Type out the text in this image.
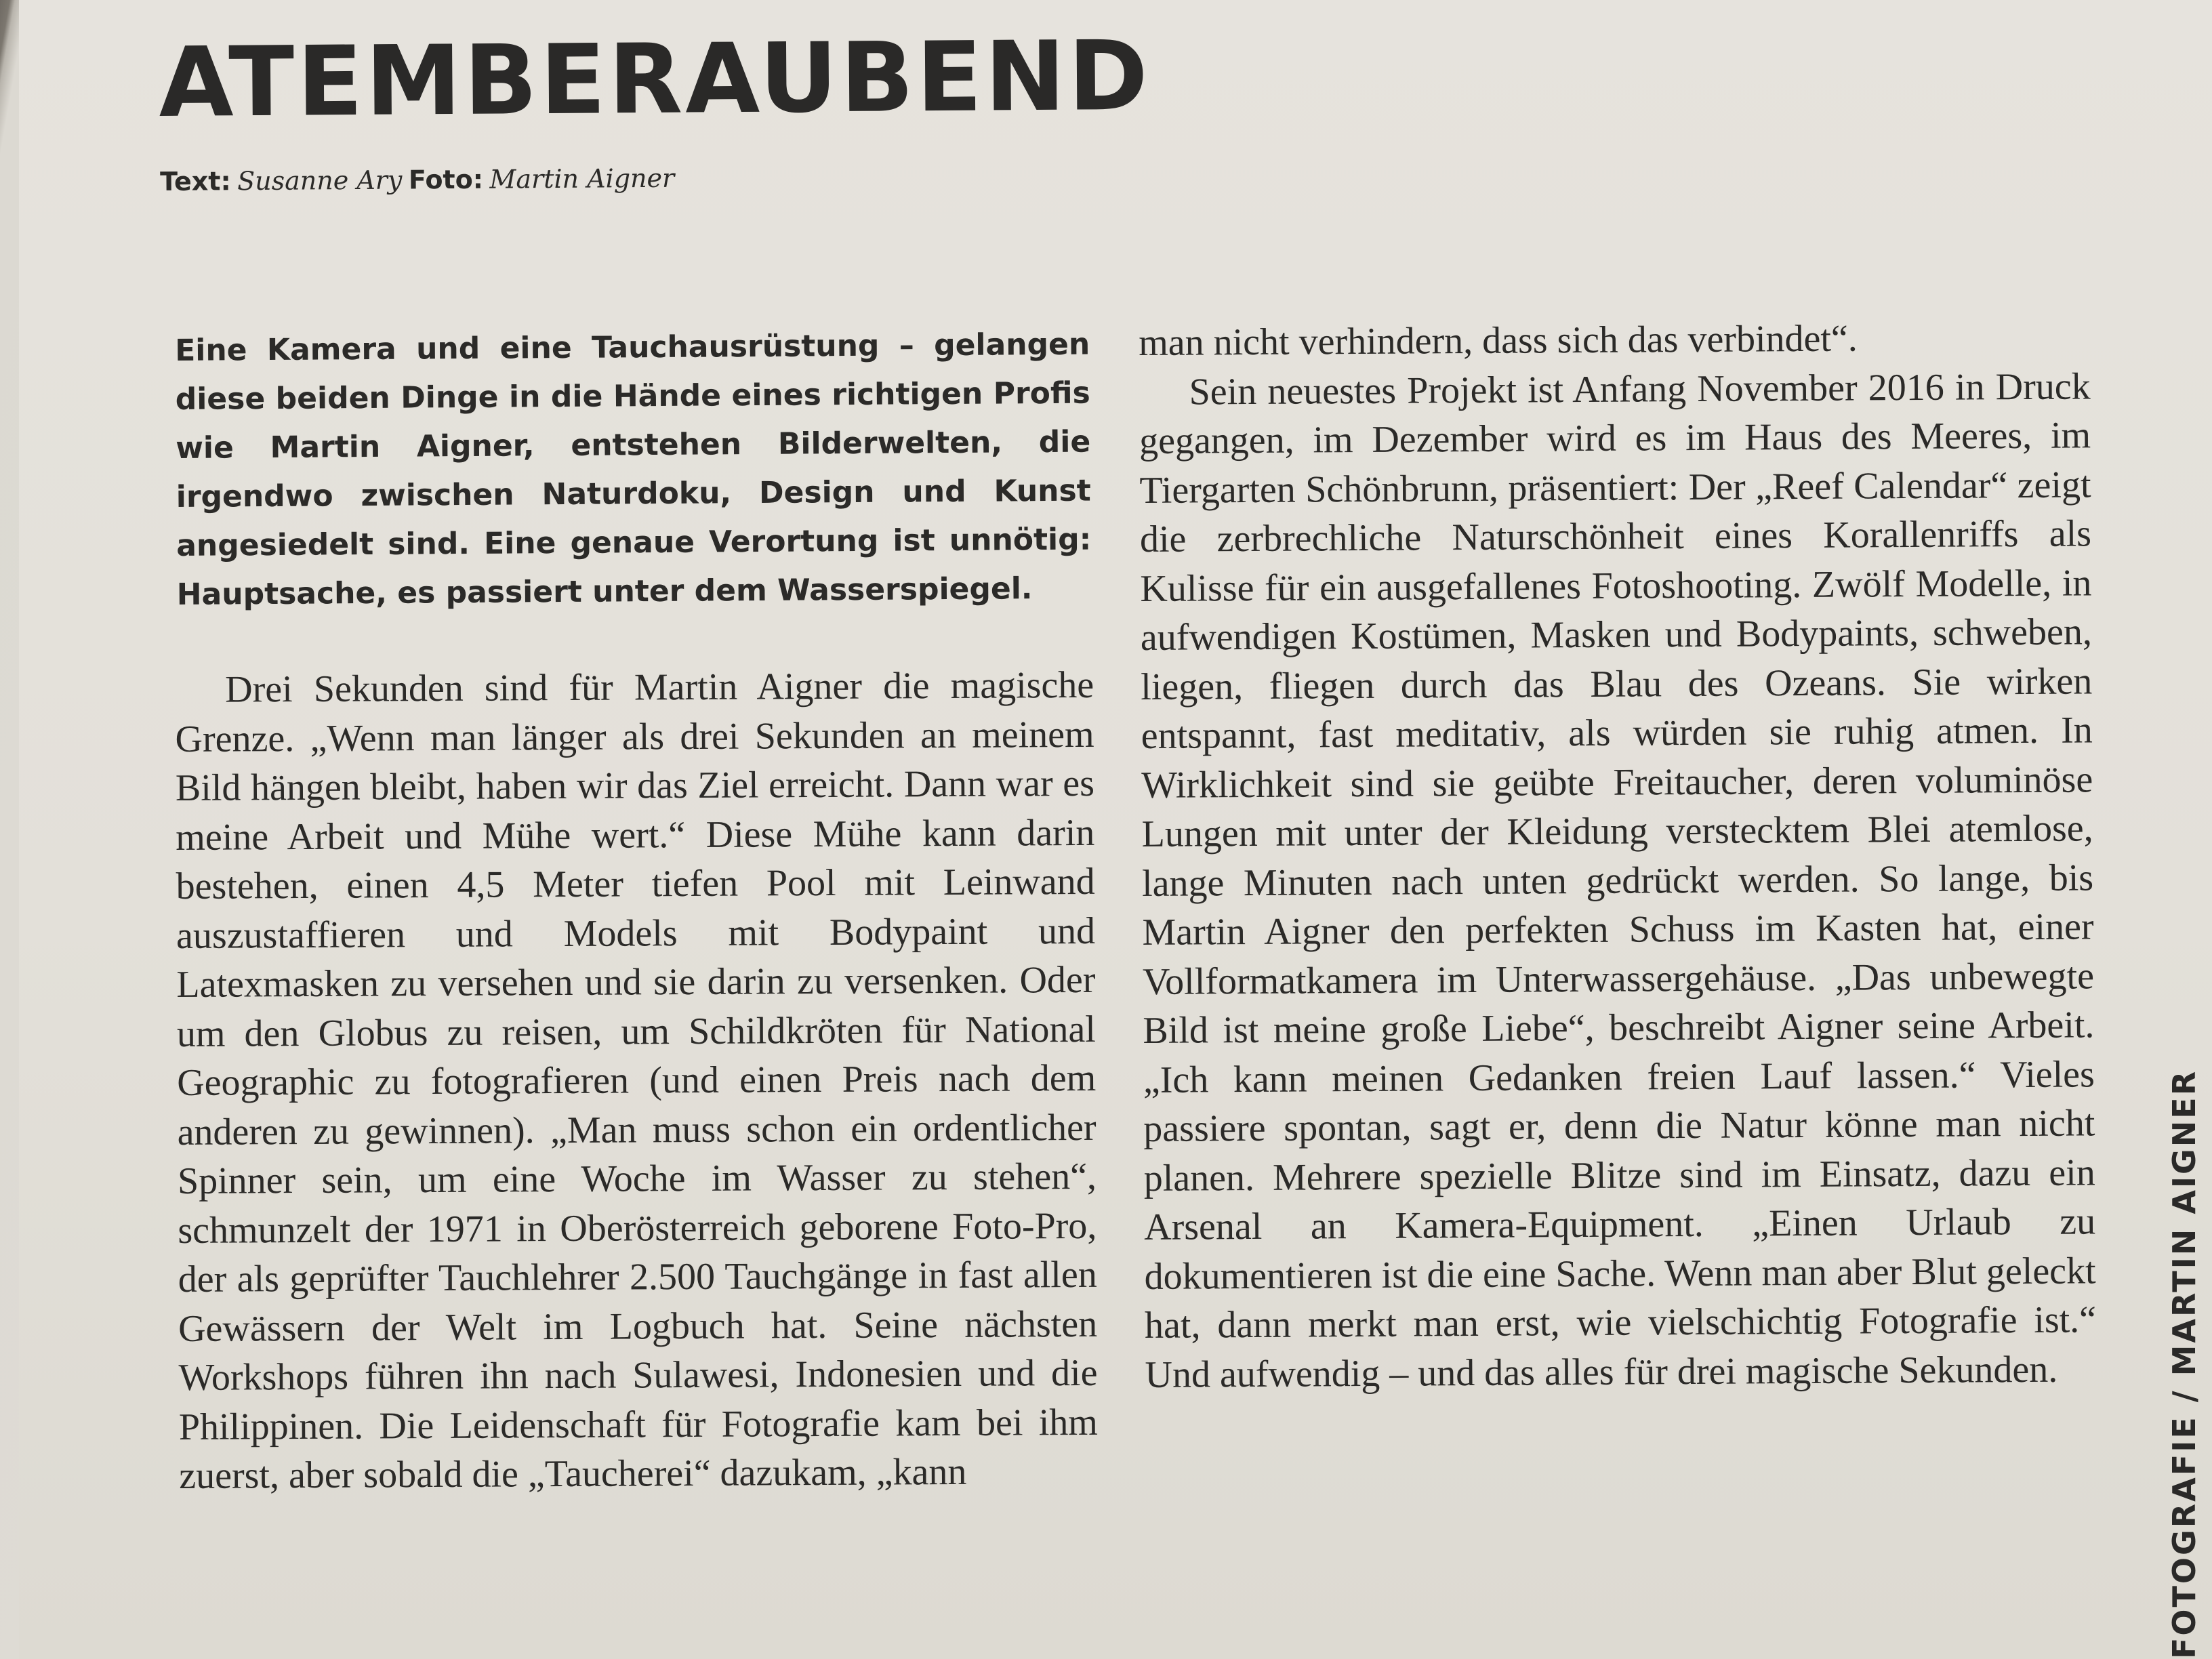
ATEMBERAUBEND
Text: Susanne Ary Foto: Martin Aigner

Eine Kamera und eine Tauchausrüstung – gelangen diese beiden Dinge in die Hände eines richtigen Profis wie Martin Aigner, entstehen Bilderwelten, die irgendwo zwischen Naturdoku, Design und Kunst angesiedelt sind. Eine genaue Verortung ist unnötig: Hauptsache, es passiert unter dem Wasserspiegel.

Drei Sekunden sind für Martin Aigner die magische Grenze. „Wenn man länger als drei Sekunden an meinem Bild hängen bleibt, haben wir das Ziel erreicht. Dann war es meine Arbeit und Mühe wert.“ Diese Mühe kann darin bestehen, einen 4,5 Meter tiefen Pool mit Leinwand auszustaffieren und Models mit Bodypaint und Latexmasken zu versehen und sie darin zu versenken. Oder um den Globus zu reisen, um Schildkröten für National Geographic zu fotografieren (und einen Preis nach dem anderen zu gewinnen). „Man muss schon ein ordentlicher Spinner sein, um eine Woche im Wasser zu stehen“, schmunzelt der 1971 in Oberösterreich geborene Foto-Pro, der als geprüfter Tauchlehrer 2.500 Tauchgänge in fast allen Gewässern der Welt im Logbuch hat. Seine nächsten Workshops führen ihn nach Sulawesi, Indonesien und die Philippinen. Die Leidenschaft für Fotografie kam bei ihm zuerst, aber sobald die „Taucherei“ dazukam, „kann

man nicht verhindern, dass sich das verbindet“.

Sein neuestes Projekt ist Anfang November 2016 in Druck gegangen, im Dezember wird es im Haus des Meeres, im Tiergarten Schönbrunn, präsentiert: Der „Reef Calendar“ zeigt die zerbrechliche Naturschönheit eines Korallenriffs als Kulisse für ein ausgefallenes Fotoshooting. Zwölf Modelle, in aufwendigen Kostümen, Masken und Bodypaints, schweben, liegen, fliegen durch das Blau des Ozeans. Sie wirken entspannt, fast meditativ, als würden sie ruhig atmen. In Wirklichkeit sind sie geübte Freitaucher, deren voluminöse Lungen mit unter der Kleidung verstecktem Blei atemlose, lange Minuten nach unten gedrückt werden. So lange, bis Martin Aigner den perfekten Schuss im Kasten hat, einer Vollformatkamera im Unterwassergehäuse. „Das unbewegte Bild ist meine große Liebe“, beschreibt Aigner seine Arbeit. „Ich kann meinen Gedanken freien Lauf lassen.“ Vieles passiere spontan, sagt er, denn die Natur könne man nicht planen. Mehrere spezielle Blitze sind im Einsatz, dazu ein Arsenal an Kamera-Equipment. „Einen Urlaub zu dokumentieren ist die eine Sache. Wenn man aber Blut geleckt hat, dann merkt man erst, wie vielschichtig Fotografie ist.“ Und aufwendig – und das alles für drei magische Sekunden.	FOTOGRAFIE / MARTIN AIGNER
